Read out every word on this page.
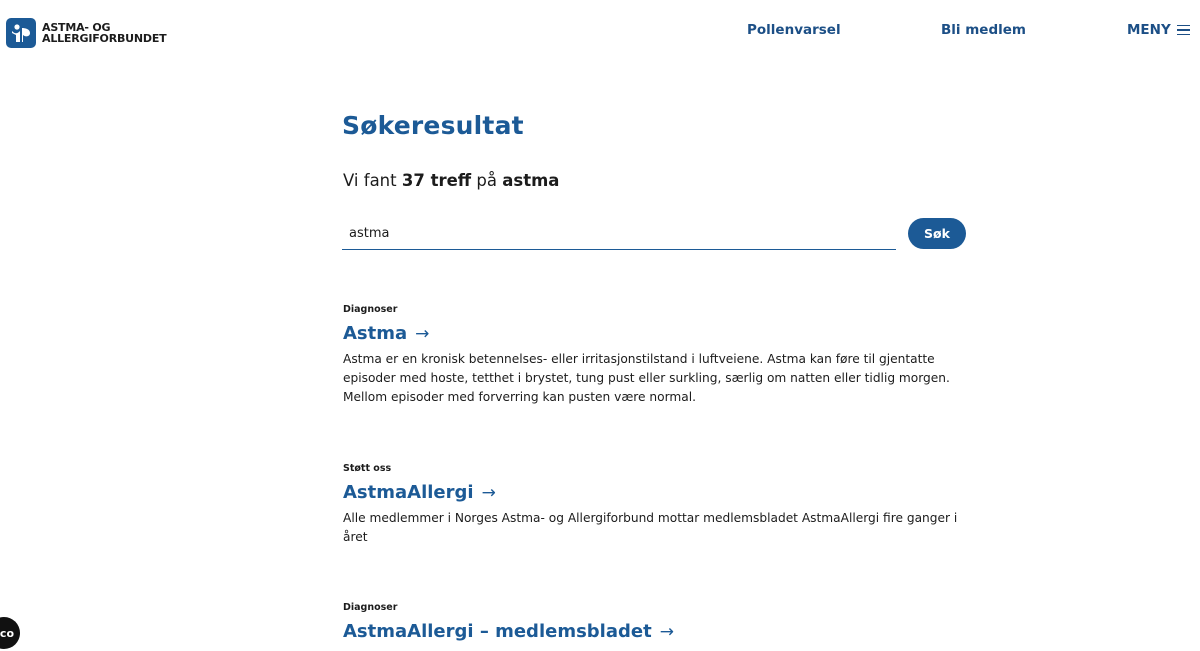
ASTMA- OG
ALLERGIFORBUNDET
Pollenvarsel	Bli medlem	MENY
Søkeresultat

Vi fant 37 treff på astma

astma
Søk
Diagnoser
Astma →

Astma er en kronisk betennelses- eller irritasjonstilstand i luftveiene. Astma kan føre til gjentatte episoder med hoste, tetthet i brystet, tung pust eller surkling, særlig om natten eller tidlig morgen. Mellom episoder med forverring kan pusten være normal.

Støtt oss
AstmaAllergi →

Alle medlemmer i Norges Astma- og Allergiforbund mottar medlemsbladet AstmaAllergi fire ganger i året

Diagnoser
AstmaAllergi – medlemsbladet →
co
